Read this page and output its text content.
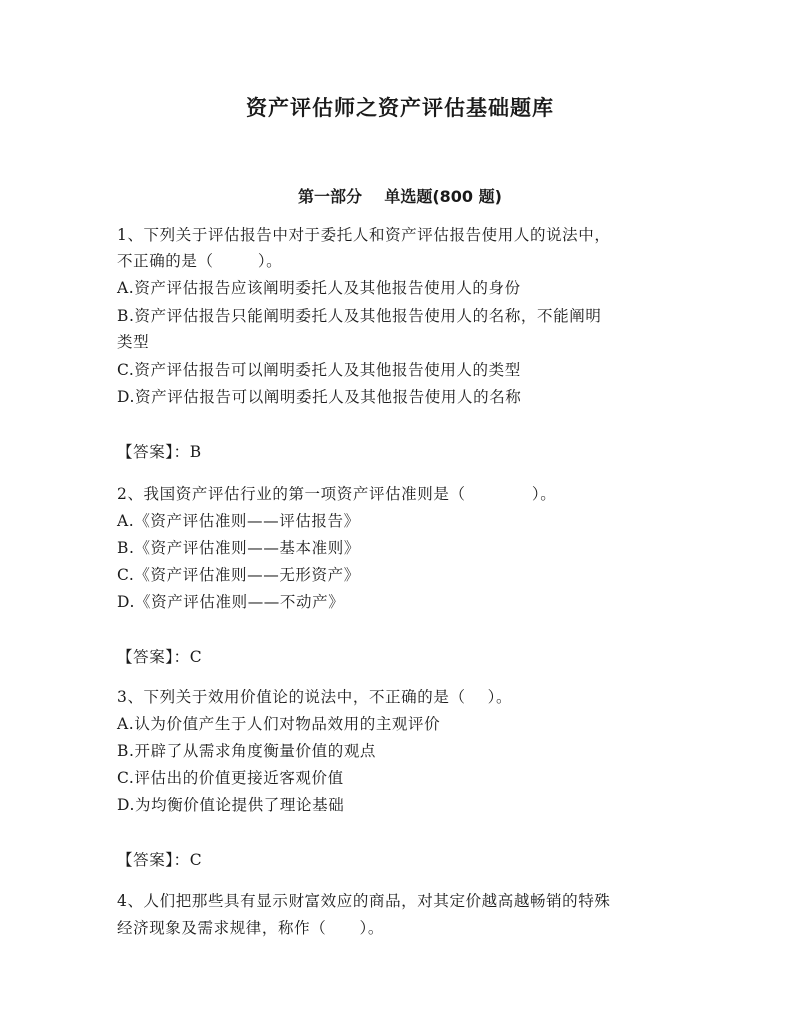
资产评估师之资产评估基础题库
第一部分    单选题(800 题)
1、下列关于评估报告中对于委托人和资产评估报告使用人的说法中，
不正确的是（        ）。
A.资产评估报告应该阐明委托人及其他报告使用人的身份
B.资产评估报告只能阐明委托人及其他报告使用人的名称，不能阐明
类型
C.资产评估报告可以阐明委托人及其他报告使用人的类型
D.资产评估报告可以阐明委托人及其他报告使用人的名称
【答案】：B
2、我国资产评估行业的第一项资产评估准则是（            ）。
A.《资产评估准则——评估报告》
B.《资产评估准则——基本准则》
C.《资产评估准则——无形资产》
D.《资产评估准则——不动产》
【答案】：C
3、下列关于效用价值论的说法中，不正确的是（    ）。
A.认为价值产生于人们对物品效用的主观评价
B.开辟了从需求角度衡量价值的观点
C.评估出的价值更接近客观价值
D.为均衡价值论提供了理论基础
【答案】：C
4、人们把那些具有显示财富效应的商品，对其定价越高越畅销的特殊
经济现象及需求规律，称作（      ）。
